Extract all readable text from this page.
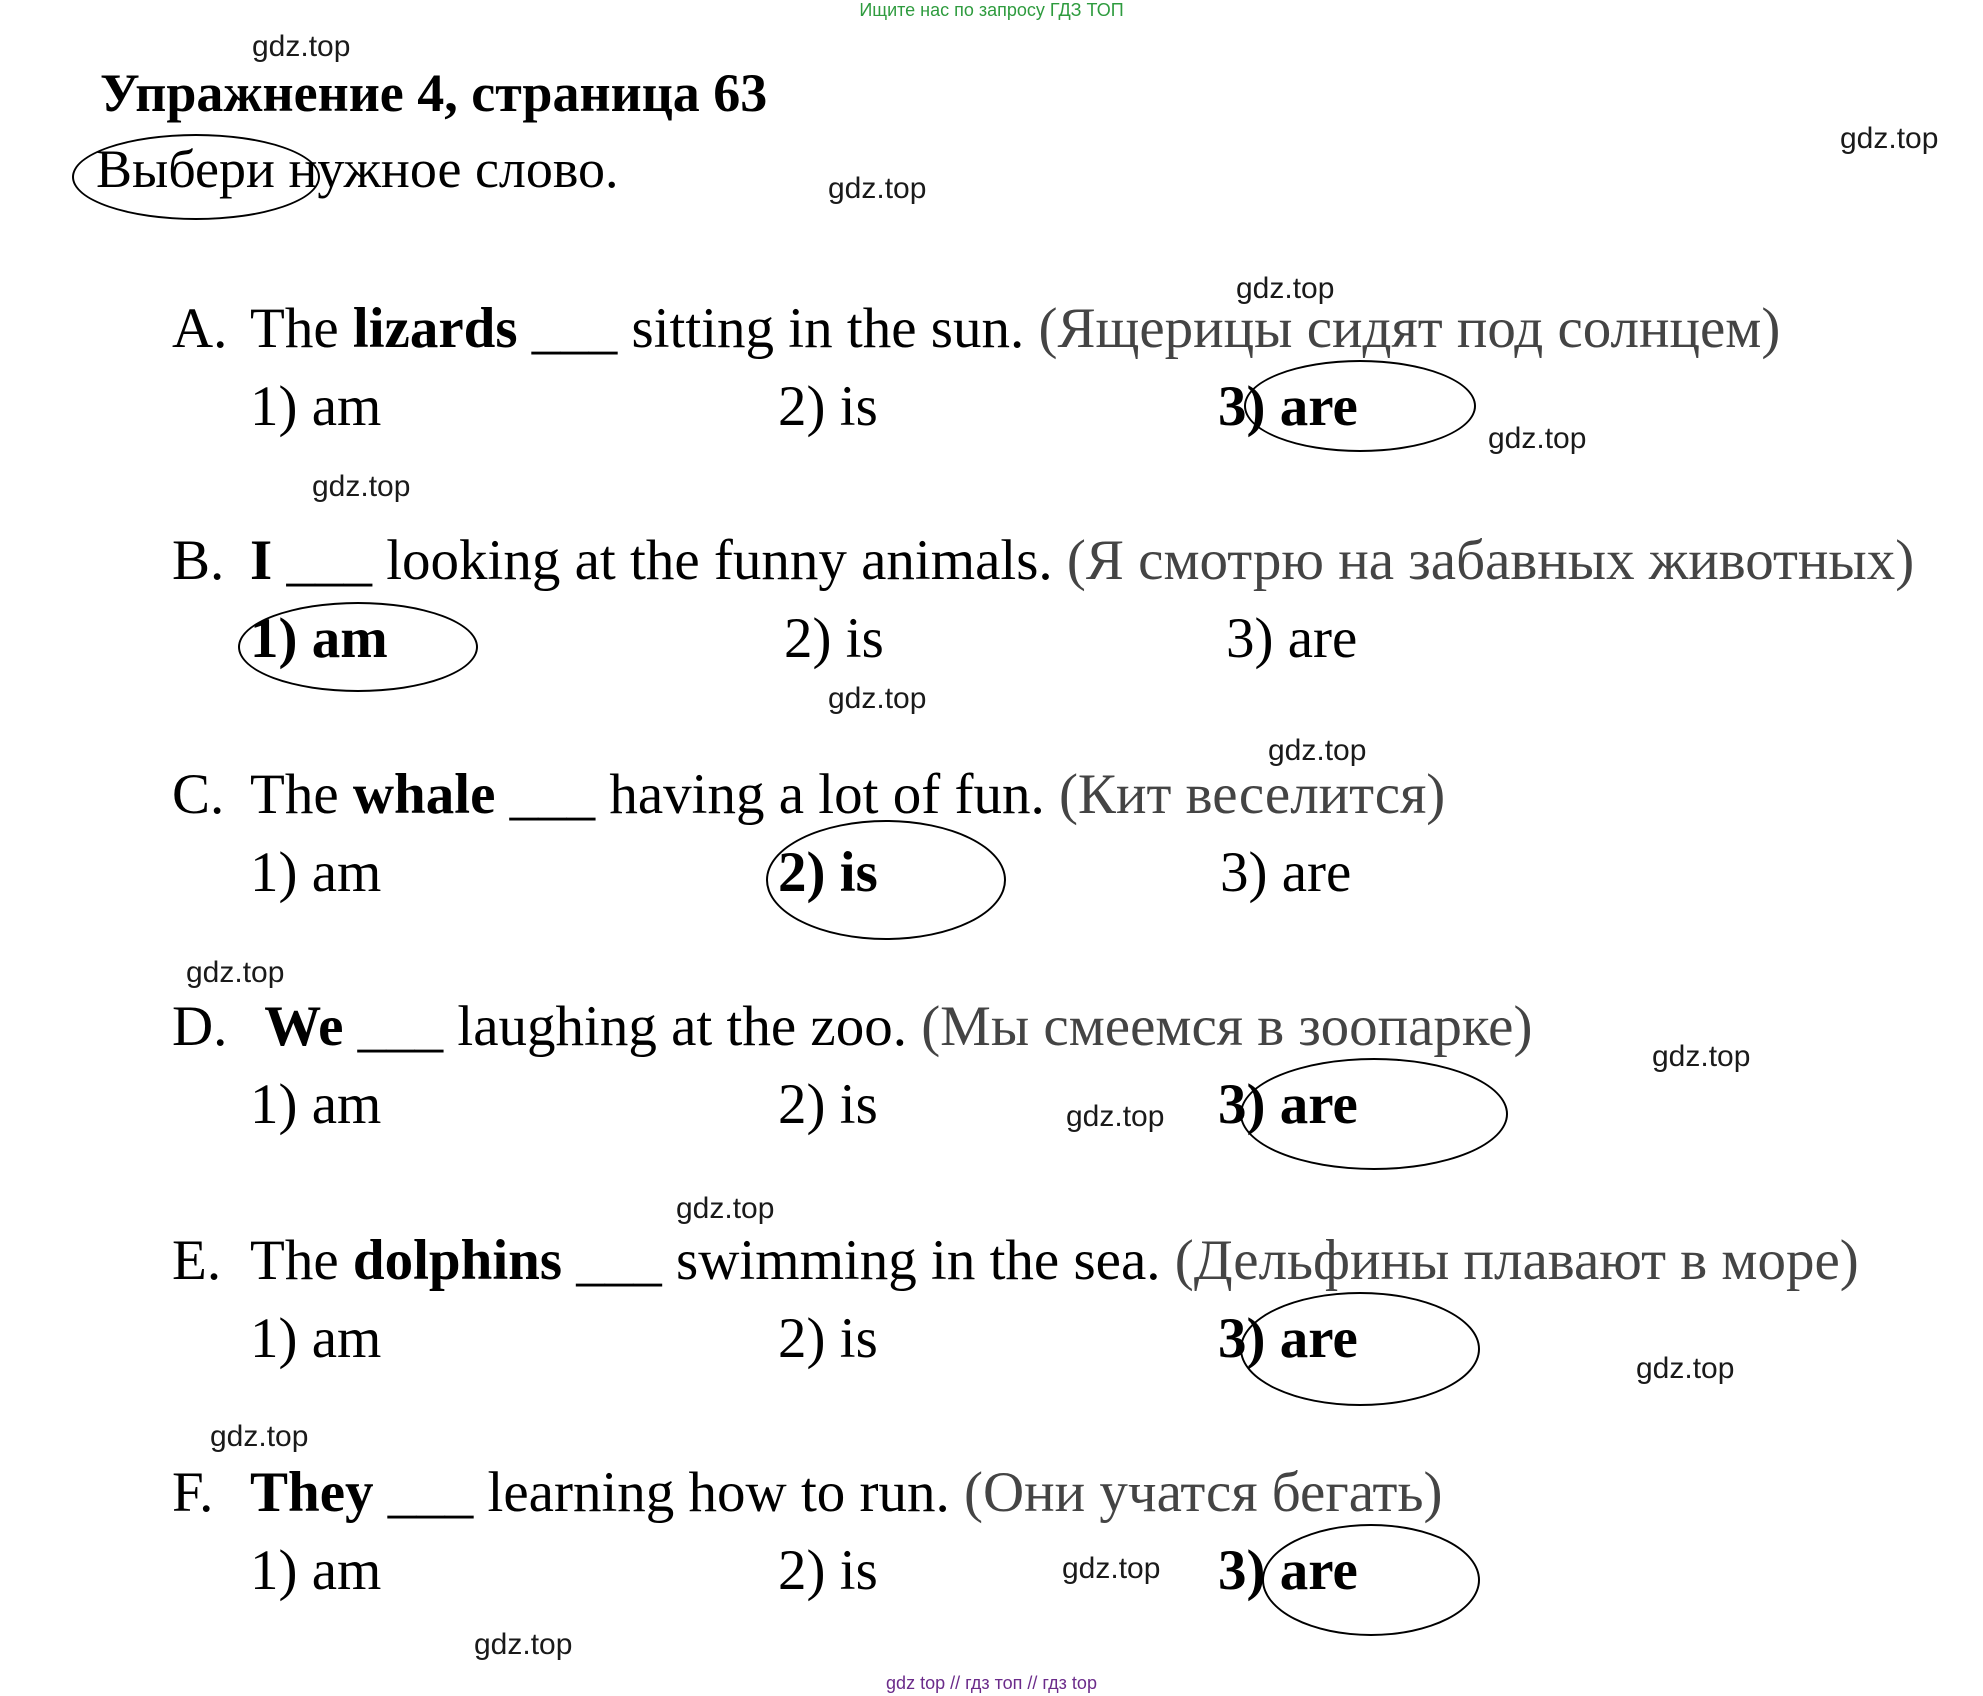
Ищите нас по запросу ГДЗ ТОП
gdz.top
gdz.top
gdz.top
gdz.top
gdz.top
gdz.top
gdz.top
gdz.top
gdz.top
gdz.top
gdz.top
gdz.top
gdz.top
gdz.top
gdz.top
gdz.top
Упражнение 4, страница 63
Выбери нужное слово.
A. The lizards ___ sitting in the sun. (Ящерицы сидят под солнцем)
1) am	2) is	3) are
B. I ___ looking at the funny animals. (Я смотрю на забавных животных)
1) am	2) is	3) are
C. The whale ___ having a lot of fun. (Кит веселится)
1) am	2) is	3) are
D. We ___ laughing at the zoo. (Мы смеемся в зоопарке)
1) am	2) is	3) are
E. The dolphins ___ swimming in the sea. (Дельфины плавают в море)
1) am	2) is	3) are
F. They ___ learning how to run. (Они учатся бегать)
1) am	2) is	3) are
gdz top // гдз топ // гдз top
